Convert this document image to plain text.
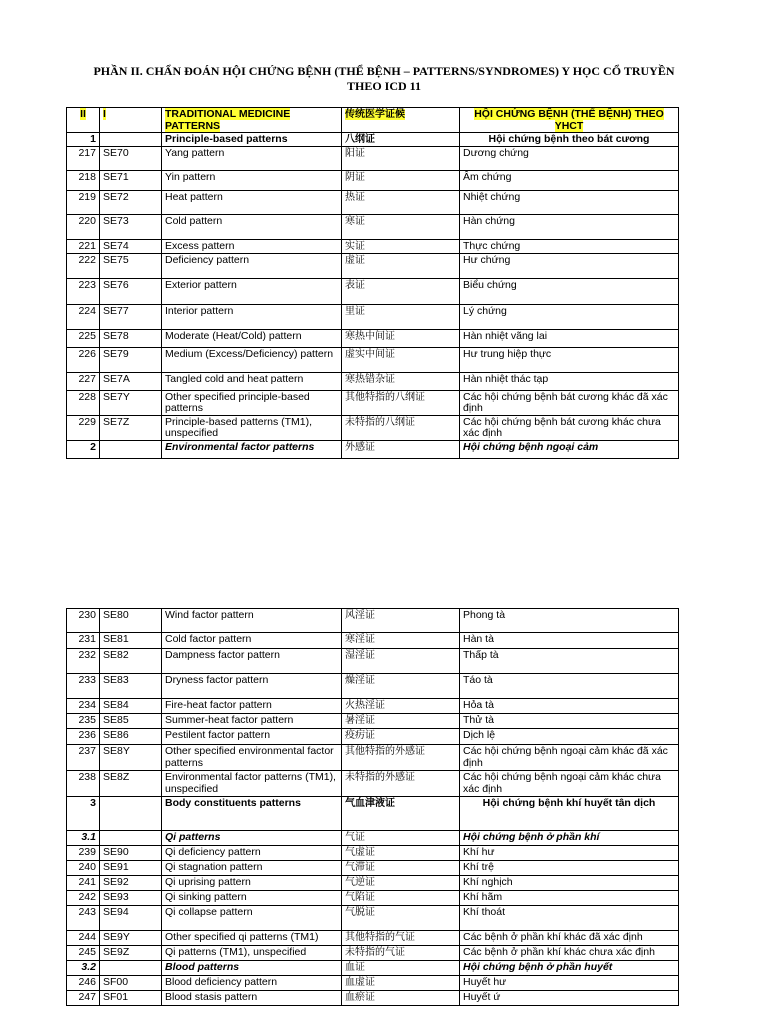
PHẦN II. CHẨN ĐOÁN HỘI CHỨNG BỆNH (THỂ BỆNH – PATTERNS/SYNDROMES) Y HỌC CỔ TRUYỀN
THEO ICD 11
II	I	TRADITIONAL MEDICINE PATTERNS	传统医学证候	HỘI CHỨNG BỆNH (THỂ BỆNH) THEO YHCT
1		Principle-based patterns	八纲证	Hội chứng bệnh theo bát cương
217	SE70	Yang pattern	阳证	Dương chứng
218	SE71	Yin pattern	阴证	Âm chứng
219	SE72	Heat pattern	热证	Nhiệt chứng
220	SE73	Cold pattern	寒证	Hàn chứng
221	SE74	Excess pattern	实证	Thực chứng
222	SE75	Deficiency pattern	虚证	Hư chứng
223	SE76	Exterior pattern	表证	Biểu chứng
224	SE77	Interior pattern	里证	Lý chứng
225	SE78	Moderate (Heat/Cold) pattern	寒热中间证	Hàn nhiệt vãng lai
226	SE79	Medium (Excess/Deficiency) pattern	虚实中间证	Hư trung hiệp thực
227	SE7A	Tangled cold and heat pattern	寒热错杂证	Hàn nhiệt thác tạp
228	SE7Y	Other specified principle-based patterns	其他特指的八纲证	Các hội chứng bệnh bát cương khác đã xác định
229	SE7Z	Principle-based patterns (TM1), unspecified	未特指的八纲证	Các hội chứng bệnh bát cương khác chưa xác định
2		Environmental factor patterns	外感证	Hội chứng bệnh ngoại cảm
230	SE80	Wind factor pattern	风淫证	Phong tà
231	SE81	Cold factor pattern	寒淫证	Hàn tà
232	SE82	Dampness factor pattern	湿淫证	Thấp tà
233	SE83	Dryness factor pattern	燥淫证	Táo tà
234	SE84	Fire-heat factor pattern	火热淫证	Hỏa tà
235	SE85	Summer-heat factor pattern	暑淫证	Thử tà
236	SE86	Pestilent factor pattern	疫疠证	Dịch lệ
237	SE8Y	Other specified environmental factor patterns	其他特指的外感证	Các hội chứng bệnh ngoại cảm khác đã xác định
238	SE8Z	Environmental factor patterns (TM1), unspecified	未特指的外感证	Các hội chứng bệnh ngoại cảm khác chưa xác định
3		Body constituents patterns	气血津液证	Hội chứng bệnh khí huyết tân dịch
3.1		Qi patterns	气证	Hội chứng bệnh ở phần khí
239	SE90	Qi deficiency pattern	气虚证	Khí hư
240	SE91	Qi stagnation pattern	气滞证	Khí trệ
241	SE92	Qi uprising pattern	气逆证	Khí nghịch
242	SE93	Qi sinking pattern	气陷证	Khí hãm
243	SE94	Qi collapse pattern	气脱证	Khí thoát
244	SE9Y	Other specified qi patterns (TM1)	其他特指的气证	Các bệnh ở phần khí khác đã xác định
245	SE9Z	Qi patterns (TM1), unspecified	未特指的气证	Các bệnh ở phần khí khác chưa xác định
3.2		Blood patterns	血证	Hội chứng bệnh ở phần huyết
246	SF00	Blood deficiency pattern	血虚证	Huyết hư
247	SF01	Blood stasis pattern	血瘀证	Huyết ứ
